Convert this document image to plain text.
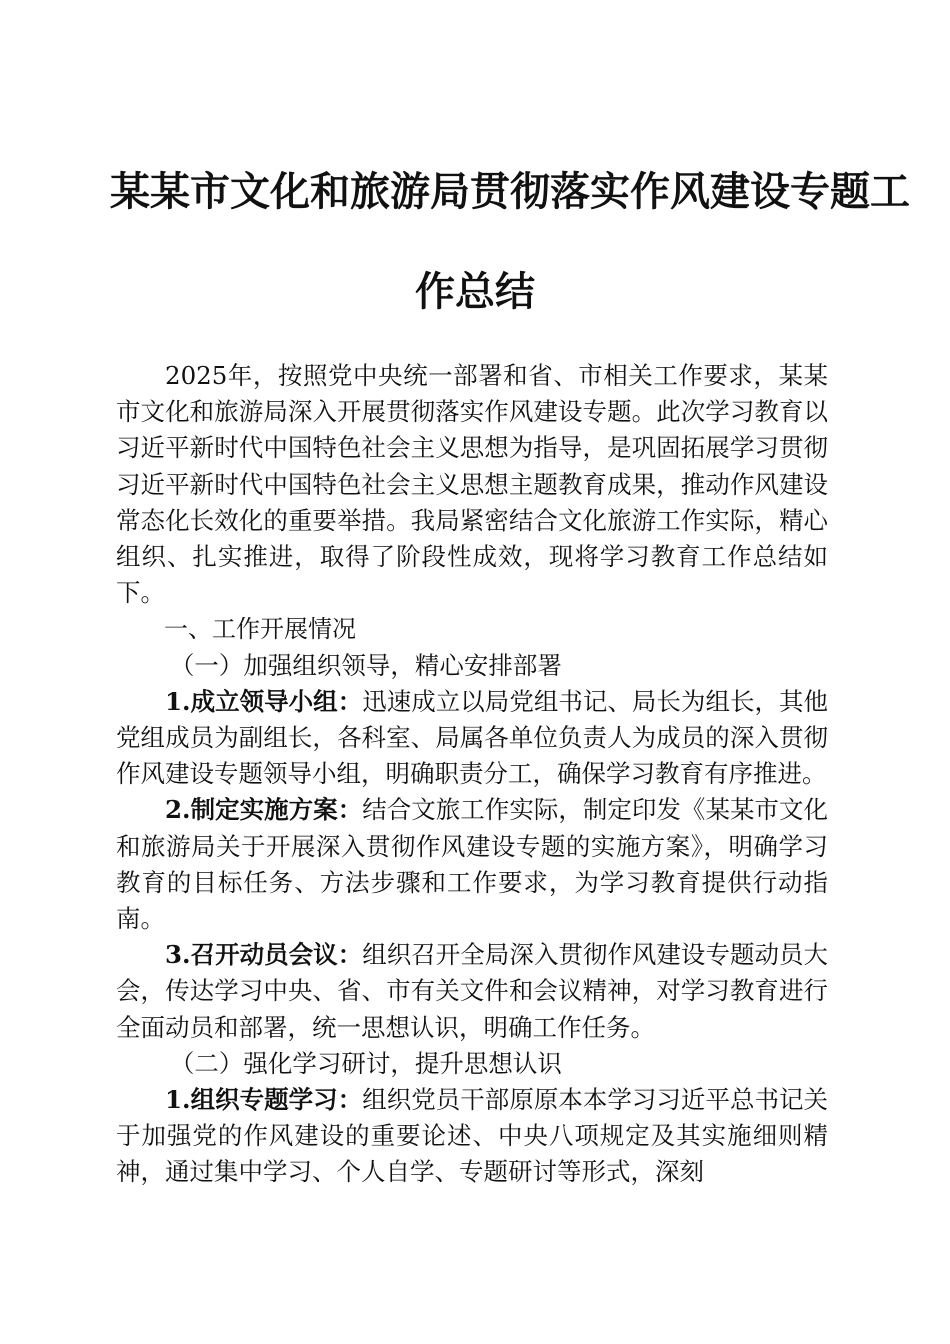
某某市文化和旅游局贯彻落实作风建设专题工
作总结

2025年，按照党中央统一部署和省、市相关工作要求，某某市文化和旅游局深入开展贯彻落实作风建设专题。此次学习教育以习近平新时代中国特色社会主义思想为指导，是巩固拓展学习贯彻习近平新时代中国特色社会主义思想主题教育成果，推动作风建设常态化长效化的重要举措。我局紧密结合文化旅游工作实际，精心组织、扎实推进，取得了阶段性成效，现将学习教育工作总结如下。

一、工作开展情况

（一）加强组织领导，精心安排部署

1.成立领导小组：迅速成立以局党组书记、局长为组长，其他党组成员为副组长，各科室、局属各单位负责人为成员的深入贯彻作风建设专题领导小组，明确职责分工，确保学习教育有序推进。

2.制定实施方案：结合文旅工作实际，制定印发《某某市文化和旅游局关于开展深入贯彻作风建设专题的实施方案》，明确学习教育的目标任务、方法步骤和工作要求，为学习教育提供行动指南。

3.召开动员会议：组织召开全局深入贯彻作风建设专题动员大会，传达学习中央、省、市有关文件和会议精神，对学习教育进行全面动员和部署，统一思想认识，明确工作任务。

（二）强化学习研讨，提升思想认识

1.组织专题学习：组织党员干部原原本本学习习近平总书记关于加强党的作风建设的重要论述、中央八项规定及其实施细则精神，通过集中学习、个人自学、专题研讨等形式，深刻
